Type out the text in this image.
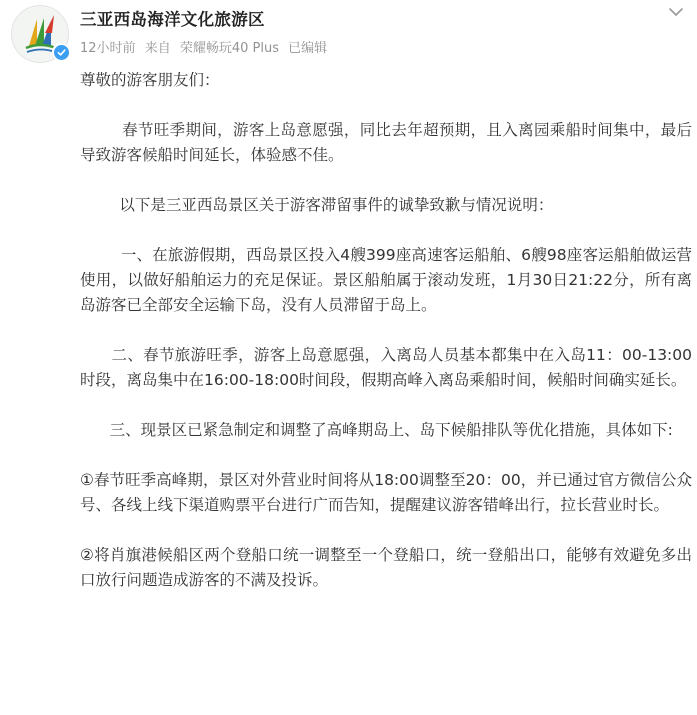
三亚西岛海洋文化旅游区
12小时前 来自 荣耀畅玩40 Plus 已编辑

尊敬的游客朋友们：

春节旺季期间，游客上岛意愿强，同比去年超预期，且入离园乘船时间集中，最后导致游客候船时间延长，体验感不佳。

以下是三亚西岛景区关于游客滞留事件的诚挚致歉与情况说明：

一、在旅游假期，西岛景区投入4艘399座高速客运船舶、6艘98座客运船舶做运营使用，以做好船舶运力的充足保证。景区船舶属于滚动发班，1月30日21:22分，所有离岛游客已全部安全运输下岛，没有人员滞留于岛上。

二、春节旅游旺季，游客上岛意愿强，入离岛人员基本都集中在入岛11：00-13:00时段，离岛集中在16:00-18:00时间段，假期高峰入离岛乘船时间，候船时间确实延长。

三、现景区已紧急制定和调整了高峰期岛上、岛下候船排队等优化措施，具体如下:

①春节旺季高峰期，景区对外营业时间将从18:00调整至20：00，并已通过官方微信公众号、各线上线下渠道购票平台进行广而告知，提醒建议游客错峰出行，拉长营业时长。

②将肖旗港候船区两个登船口统一调整至一个登船口，统一登船出口，能够有效避免多出口放行问题造成游客的不满及投诉。
